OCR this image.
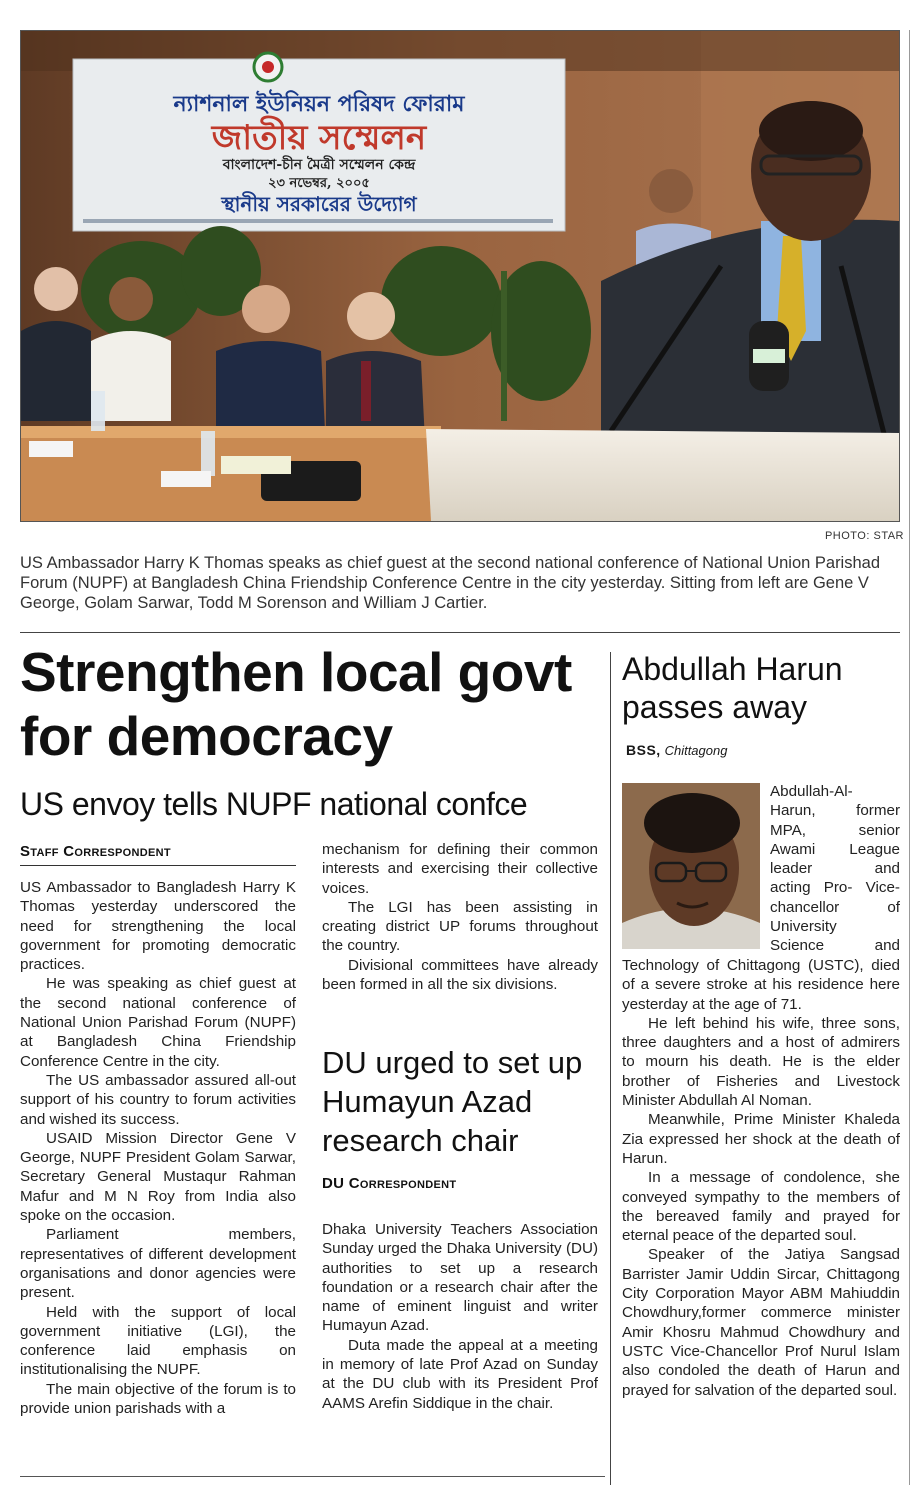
ন্যাশনাল ইউনিয়ন পরিষদ ফোরাম
জাতীয় সম্মেলন
বাংলাদেশ-চীন মৈত্রী সম্মেলন কেন্দ্র
২৩ নভেম্বর, ২০০৫
স্থানীয় সরকারের উদ্যোগ
PHOTO: STAR
US Ambassador Harry K Thomas speaks as chief guest at the second national conference of National Union Parishad Forum (NUPF) at Bangladesh China Friendship Conference Centre in the city yesterday. Sitting from left are Gene V George, Golam Sarwar, Todd M Sorenson and William J Cartier.
Strengthen local govt
for democracy
US envoy tells NUPF national confce
Staff Correspondent

US Ambassador to Bangladesh Harry K Thomas yesterday underscored the need for strengthening the local government for promoting democratic practices.

He was speaking as chief guest at the second national conference of National Union Parishad Forum (NUPF) at Bangladesh China Friendship Conference Centre in the city.

The US ambassador assured all-out support of his country to forum activities and wished its success.

USAID Mission Director Gene V George, NUPF President Golam Sarwar, Secretary General Mustaqur Rahman Mafur and M N Roy from India also spoke on the occasion.

Parliament members, representatives of different development organisations and donor agencies were present.

Held with the support of local government initiative (LGI), the conference laid emphasis on institutionalising the NUPF.

The main objective of the forum is to provide union parishads with a

mechanism for defining their common interests and exercising their collective voices.

The LGI has been assisting in creating district UP forums throughout the country.

Divisional committees have already been formed in all the six divisions.

DU urged to set up
Humayun Azad
research chair
DU Correspondent

Dhaka University Teachers Association Sunday urged the Dhaka University (DU) authorities to set up a research foundation or a research chair after the name of eminent linguist and writer Humayun Azad.

Duta made the appeal at a meeting in memory of late Prof Azad on Sunday at the DU club with its President Prof AAMS Arefin Siddique in the chair.

Abdullah Harun
passes away
BSS, Chittagong
Abdullah-Al-
Harun, former
MPA, senior
Awami League
leader and
acting Pro- Vice-
chancellor of
University
Science and

Technology of Chittagong (USTC), died of a severe stroke at his residence here yesterday at the age of 71.

He left behind his wife, three sons, three daughters and a host of admirers to mourn his death. He is the elder brother of Fisheries and Livestock Minister Abdullah Al Noman.

Meanwhile, Prime Minister Khaleda Zia expressed her shock at the death of Harun.

In a message of condolence, she conveyed sympathy to the members of the bereaved family and prayed for eternal peace of the departed soul.

Speaker of the Jatiya Sangsad Barrister Jamir Uddin Sircar, Chittagong City Corporation Mayor ABM Mahiuddin Chowdhury,former commerce minister Amir Khosru Mahmud Chowdhury and USTC Vice-Chancellor Prof Nurul Islam also condoled the death of Harun and prayed for salvation of the departed soul.
